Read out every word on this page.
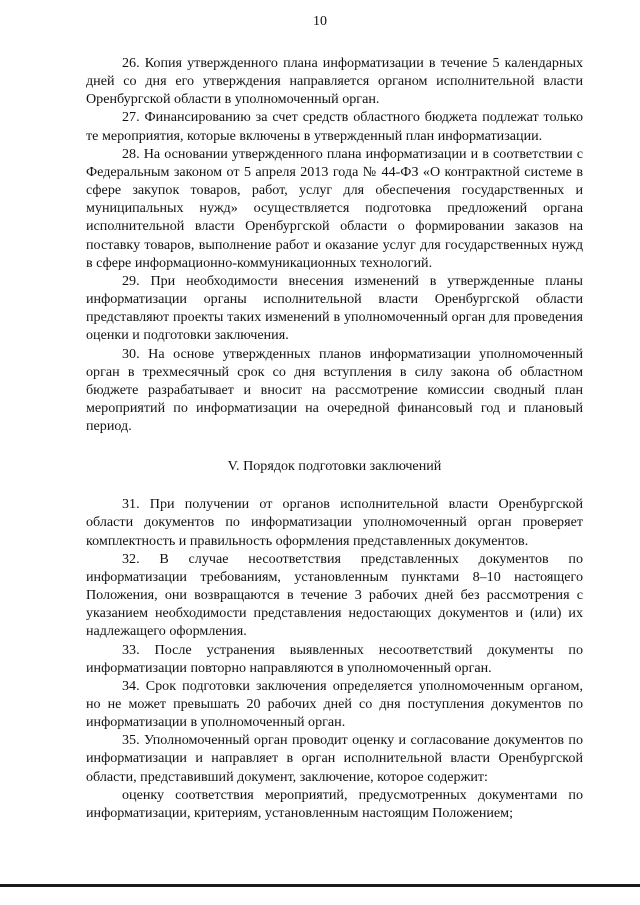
10

26. Копия утвержденного плана информатизации в течение 5 календарных дней со дня его утверждения направляется органом исполнительной власти Оренбургской области в уполномоченный орган.

27. Финансированию за счет средств областного бюджета подлежат только те мероприятия, которые включены в утвержденный план информатизации.

28. На основании утвержденного плана информатизации и в соответствии с Федеральным законом от 5 апреля 2013 года № 44-ФЗ «О контрактной системе в сфере закупок товаров, работ, услуг для обеспечения государственных и муниципальных нужд» осуществляется подготовка предложений органа исполнительной власти Оренбургской области о формировании заказов на поставку товаров, выполнение работ и оказание услуг для государственных нужд в сфере информационно-коммуникационных технологий.

29. При необходимости внесения изменений в утвержденные планы информатизации органы исполнительной власти Оренбургской области представляют проекты таких изменений в уполномоченный орган для проведения оценки и подготовки заключения.

30. На основе утвержденных планов информатизации уполномоченный орган в трехмесячный срок со дня вступления в силу закона об областном бюджете разрабатывает и вносит на рассмотрение комиссии сводный план мероприятий по информатизации на очередной финансовый год и плановый период.

V. Порядок подготовки заключений

31. При получении от органов исполнительной власти Оренбургской области документов по информатизации уполномоченный орган проверяет комплектность и правильность оформления представленных документов.

32. В случае несоответствия представленных документов по информатизации требованиям, установленным пунктами 8–10 настоящего Положения, они возвращаются в течение 3 рабочих дней без рассмотрения с указанием необходимости представления недостающих документов и (или) их надлежащего оформления.

33. После устранения выявленных несоответствий документы по информатизации повторно направляются в уполномоченный орган.

34. Срок подготовки заключения определяется уполномоченным органом, но не может превышать 20 рабочих дней со дня поступления документов по информатизации в уполномоченный орган.

35. Уполномоченный орган проводит оценку и согласование документов по информатизации и направляет в орган исполнительной власти Оренбургской области, представивший документ, заключение, которое содержит:

оценку соответствия мероприятий, предусмотренных документами по информатизации, критериям, установленным настоящим Положением;
